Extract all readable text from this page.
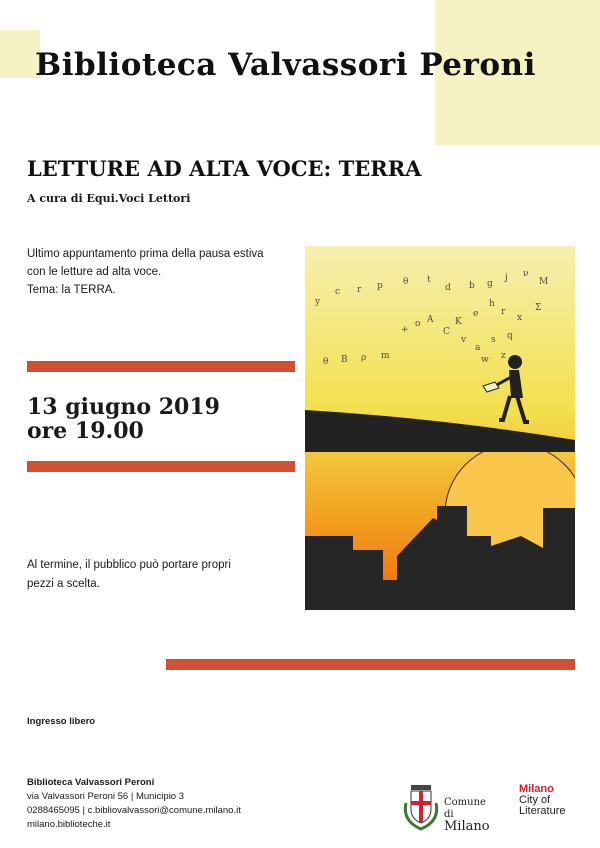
Biblioteca Valvassori Peroni
LETTURE AD ALTA VOCE: TERRA
A cura di Equi.Voci Lettori
Ultimo appuntamento prima della pausa estiva
con le letture ad alta voce.
Tema: la TERRA.
13 giugno 2019
ore 19.00
Al termine, il pubblico può portare propri
pezzi a scelta.
y
c r p θ t
d b g
j ν
M
+
o A
C
K
e
h
r
x
Σ
θ B ρ m
v
a
s q
w z
Ingresso libero
Biblioteca Valvassori Peroni
via Valvassori Peroni 56 | Municipio 3
0288465095 | c.bibliovalvassori@comune.milano.it
milano.biblioteche.it
Comune di
Milano
Milano
City of
Literature
